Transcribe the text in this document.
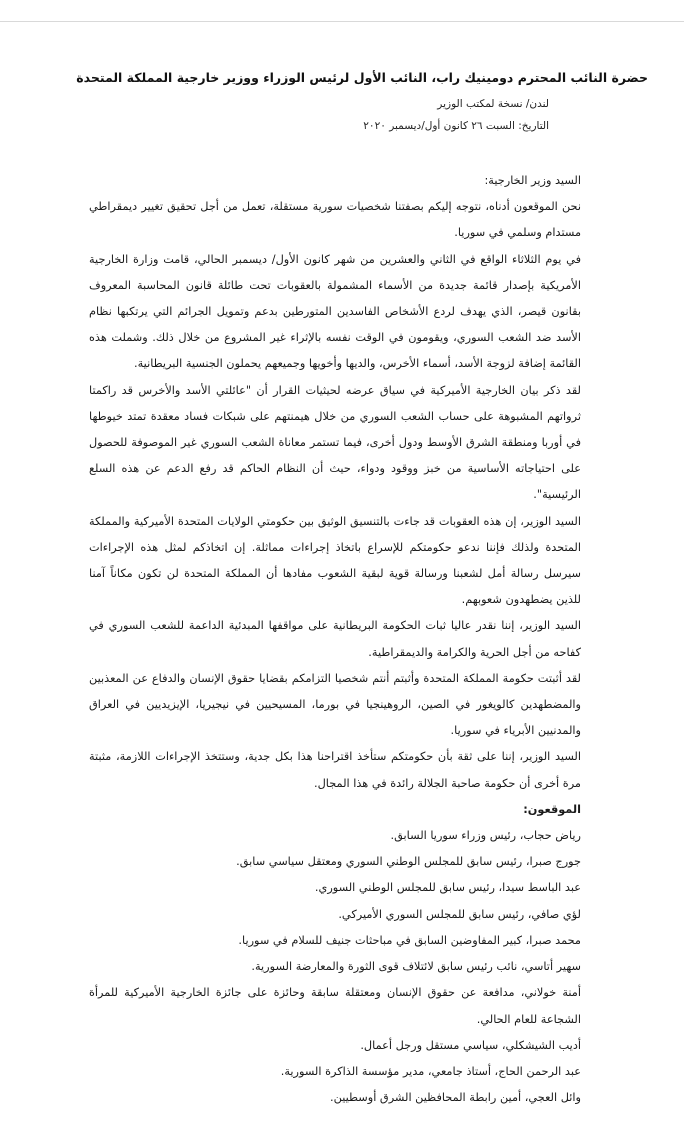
حضرة النائب المحترم دومينيك راب، النائب الأول لرئيس الوزراء ووزير خارجية المملكة المتحدة
لندن/ نسخة لمكتب الوزير
التاريخ: السبت ٢٦ كانون أول/ديسمبر ٢٠٢٠

السيد وزير الخارجية:

نحن الموقعون أدناه، نتوجه إليكم بصفتنا شخصيات سورية مستقلة، تعمل من أجل تحقيق تغيير ديمقراطي مستدام وسلمي في سوريا.

في يوم الثلاثاء الواقع في الثاني والعشرين من شهر كانون الأول/ ديسمبر الحالي، قامت وزارة الخارجية الأمريكية بإصدار قائمة جديدة من الأسماء المشمولة بالعقوبات تحت طائلة قانون المحاسبة المعروف بقانون قيصر، الذي يهدف لردع الأشخاص الفاسدين المتورطين بدعم وتمويل الجرائم التي يرتكبها نظام الأسد ضد الشعب السوري، ويقومون في الوقت نفسه بالإثراء غير المشروع من خلال ذلك. وشملت هذه القائمة إضافة لزوجة الأسد، أسماء الأخرس، والديها وأخويها وجميعهم يحملون الجنسية البريطانية.

لقد ذكر بيان الخارجية الأميركية في سياق عرضه لحيثيات القرار أن "عائلتي الأسد والأخرس قد راكمتا ثرواتهم المشبوهة على حساب الشعب السوري من خلال هيمنتهم على شبكات فساد معقدة تمتد خيوطها في أوربا ومنطقة الشرق الأوسط ودول أخرى، فيما تستمر معاناة الشعب السوري غير الموصوفة للحصول على احتياجاته الأساسية من خبز ووقود ودواء، حيث أن النظام الحاكم قد رفع الدعم عن هذه السلع الرئيسية".

السيد الوزير، إن هذه العقوبات قد جاءت بالتنسيق الوثيق بين حكومتي الولايات المتحدة الأميركية والمملكة المتحدة ولذلك فإننا ندعو حكومتكم للإسراع باتخاذ إجراءات مماثلة. إن اتخاذكم لمثل هذه الإجراءات سيرسل رسالة أمل لشعبنا ورسالة قوية لبقية الشعوب مفادها أن المملكة المتحدة لن تكون مكاناً آمنا للذين يضطهدون شعوبهم.

السيد الوزير، إننا نقدر عاليا ثبات الحكومة البريطانية على مواقفها المبدئية الداعمة للشعب السوري في كفاحه من أجل الحرية والكرامة والديمقراطية.

لقد أثبتت حكومة المملكة المتحدة وأثبتم أنتم شخصيا التزامكم بقضايا حقوق الإنسان والدفاع عن المعذبين والمضطهدين كالويغور في الصين، الروهينجيا في بورما، المسيحيين في نيجيريا، الإيزيديين في العراق والمدنيين الأبرياء في سوريا.

السيد الوزير، إننا على ثقة بأن حكومتكم ستأخذ اقتراحنا هذا بكل جدية، وستتخذ الإجراءات اللازمة، مثبتة مرة أخرى أن حكومة صاحبة الجلالة رائدة في هذا المجال.

الموقعون:

رياض حجاب، رئيس وزراء سوريا السابق.

جورج صبرا، رئيس سابق للمجلس الوطني السوري ومعتقل سياسي سابق.

عبد الباسط سيدا، رئيس سابق للمجلس الوطني السوري.

لؤي صافي، رئيس سابق للمجلس السوري الأميركي.

محمد صبرا، كبير المفاوضين السابق في مباحثات جنيف للسلام في سوريا.

سهير أتاسي، نائب رئيس سابق لائتلاف قوى الثورة والمعارضة السورية.

أمنة خولاني، مدافعة عن حقوق الإنسان ومعتقلة سابقة وحائزة على جائزة الخارجية الأميركية للمرأة الشجاعة للعام الحالي.

أديب الشيشكلي، سياسي مستقل ورجل أعمال.

عبد الرحمن الحاج، أستاذ جامعي، مدير مؤسسة الذاكرة السورية.

وائل العجي، أمين رابطة المحافظين الشرق أوسطيين.
